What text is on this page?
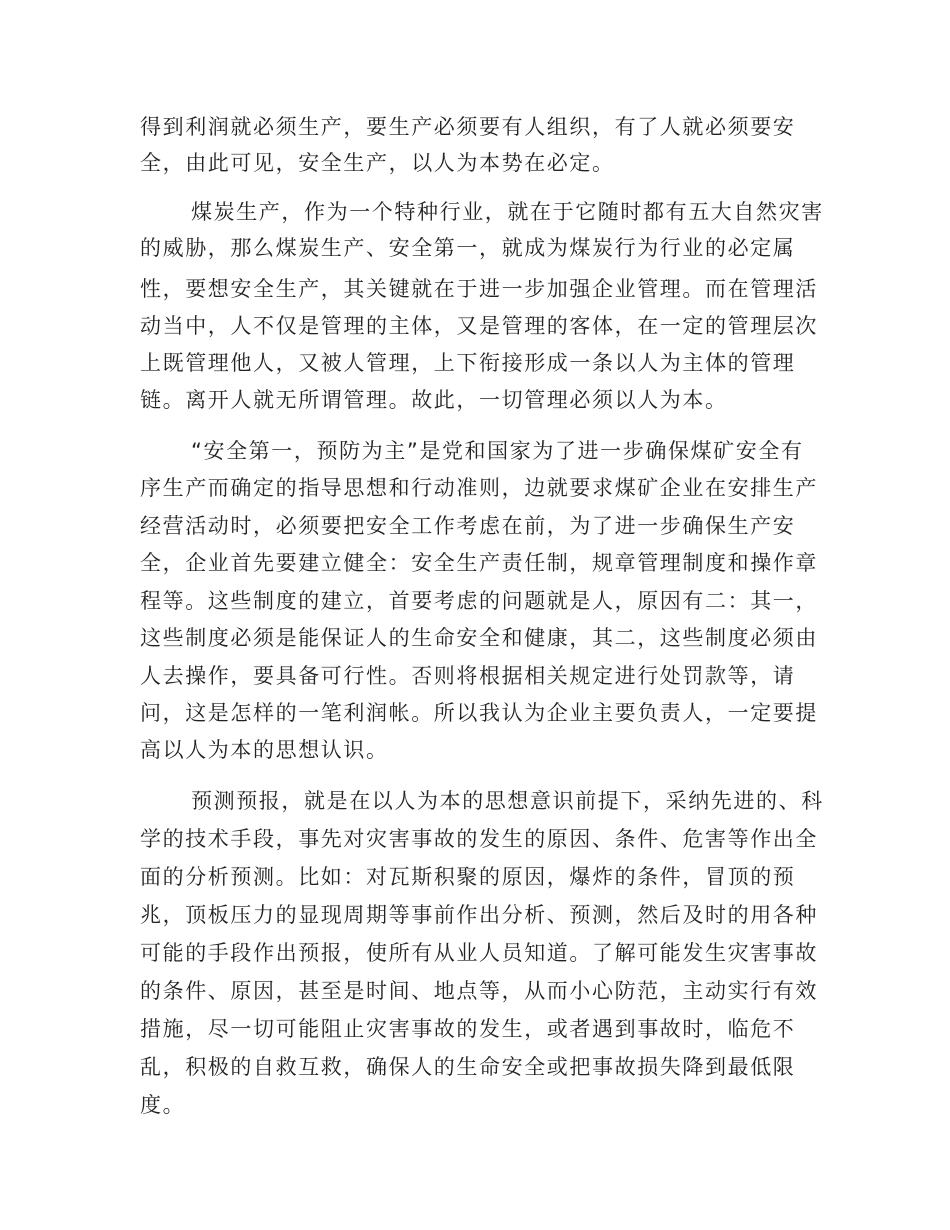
得到利润就必须生产，要生产必须要有人组织，有了人就必须要安
全，由此可见，安全生产，以人为本势在必定。
煤炭生产，作为一个特种行业，就在于它随时都有五大自然灾害
的威胁，那么煤炭生产、安全第一，就成为煤炭行为行业的必定属
性，要想安全生产，其关键就在于进一步加强企业管理。而在管理活
动当中，人不仅是管理的主体，又是管理的客体，在一定的管理层次
上既管理他人，又被人管理，上下衔接形成一条以人为主体的管理
链。离开人就无所谓管理。故此，一切管理必须以人为本。
“安全第一，预防为主”是党和国家为了进一步确保煤矿安全有
序生产而确定的指导思想和行动准则，边就要求煤矿企业在安排生产
经营活动时，必须要把安全工作考虑在前，为了进一步确保生产安
全，企业首先要建立健全：安全生产责任制，规章管理制度和操作章
程等。这些制度的建立，首要考虑的问题就是人，原因有二：其一，
这些制度必须是能保证人的生命安全和健康，其二，这些制度必须由
人去操作，要具备可行性。否则将根据相关规定进行处罚款等，请
问，这是怎样的一笔利润帐。所以我认为企业主要负责人，一定要提
高以人为本的思想认识。
预测预报，就是在以人为本的思想意识前提下，采纳先进的、科
学的技术手段，事先对灾害事故的发生的原因、条件、危害等作出全
面的分析预测。比如：对瓦斯积聚的原因，爆炸的条件，冒顶的预
兆，顶板压力的显现周期等事前作出分析、预测，然后及时的用各种
可能的手段作出预报，使所有从业人员知道。了解可能发生灾害事故
的条件、原因，甚至是时间、地点等，从而小心防范，主动实行有效
措施，尽一切可能阻止灾害事故的发生，或者遇到事故时，临危不
乱，积极的自救互救，确保人的生命安全或把事故损失降到最低限
度。
